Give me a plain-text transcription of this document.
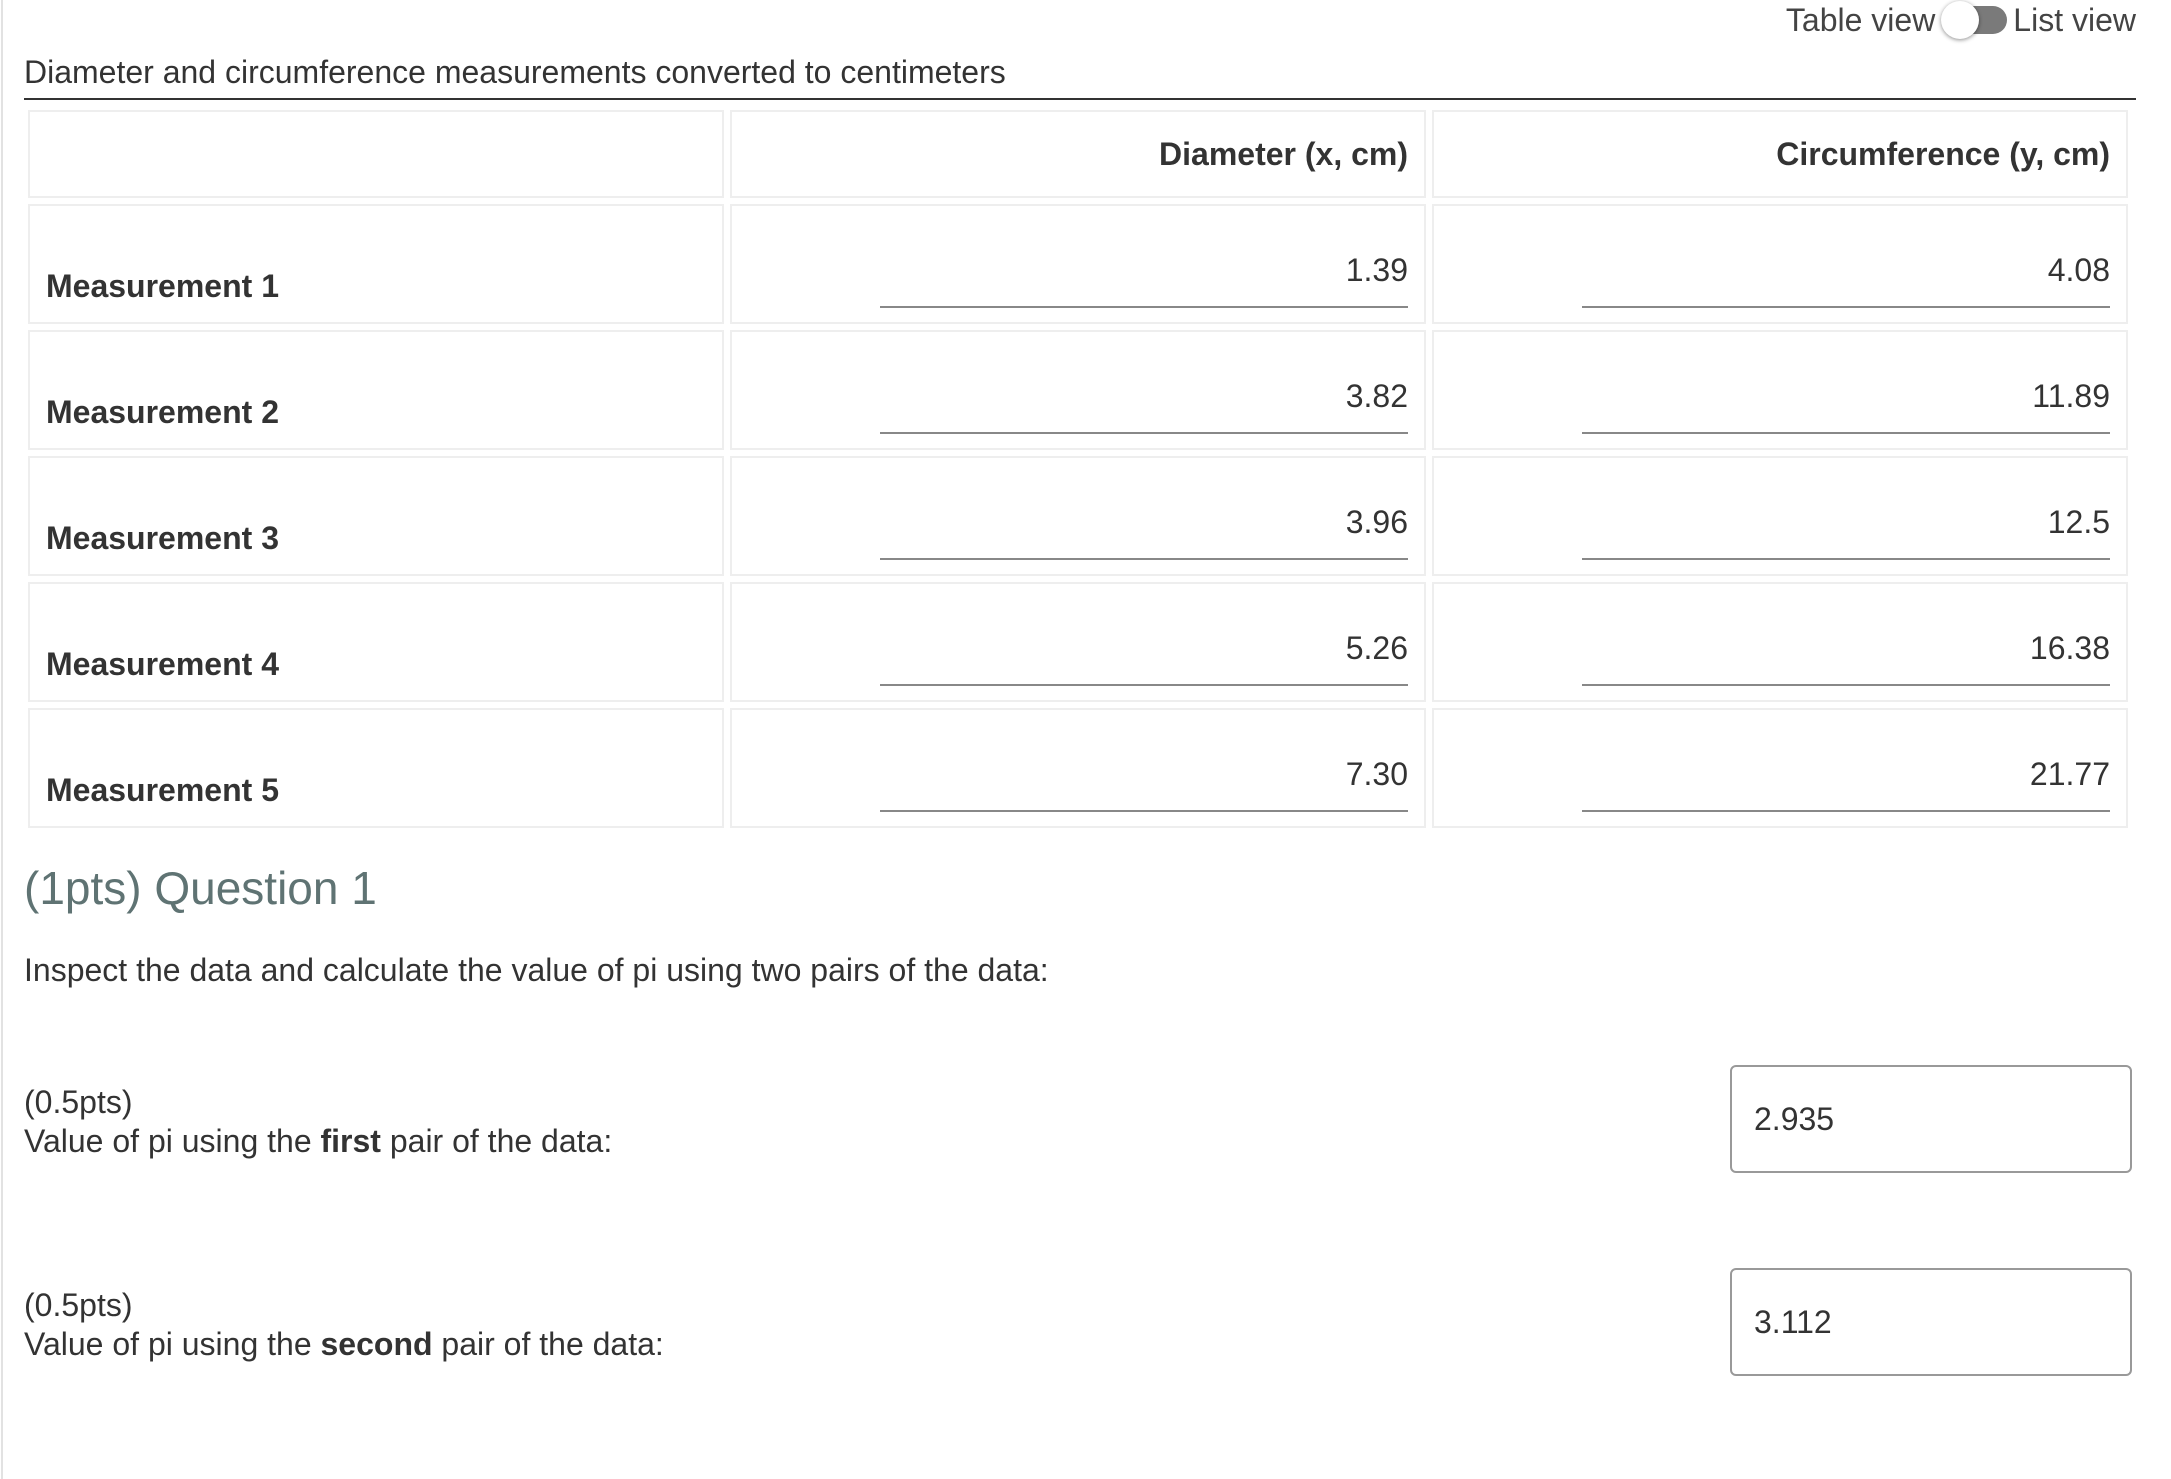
Table view List view
Diameter and circumference measurements converted to centimeters
	Diameter (x, cm)	Circumference (y, cm)

Measurement 1	1.39	4.08

Measurement 2	3.82	11.89

Measurement 3	3.96	12.5

Measurement 4	5.26	16.38

Measurement 5	7.30	21.77
(1pts) Question 1

Inspect the data and calculate the value of pi using two pairs of the data:

(0.5pts)
Value of pi using the first pair of the data:
2.935
(0.5pts)
Value of pi using the second pair of the data:
3.112
